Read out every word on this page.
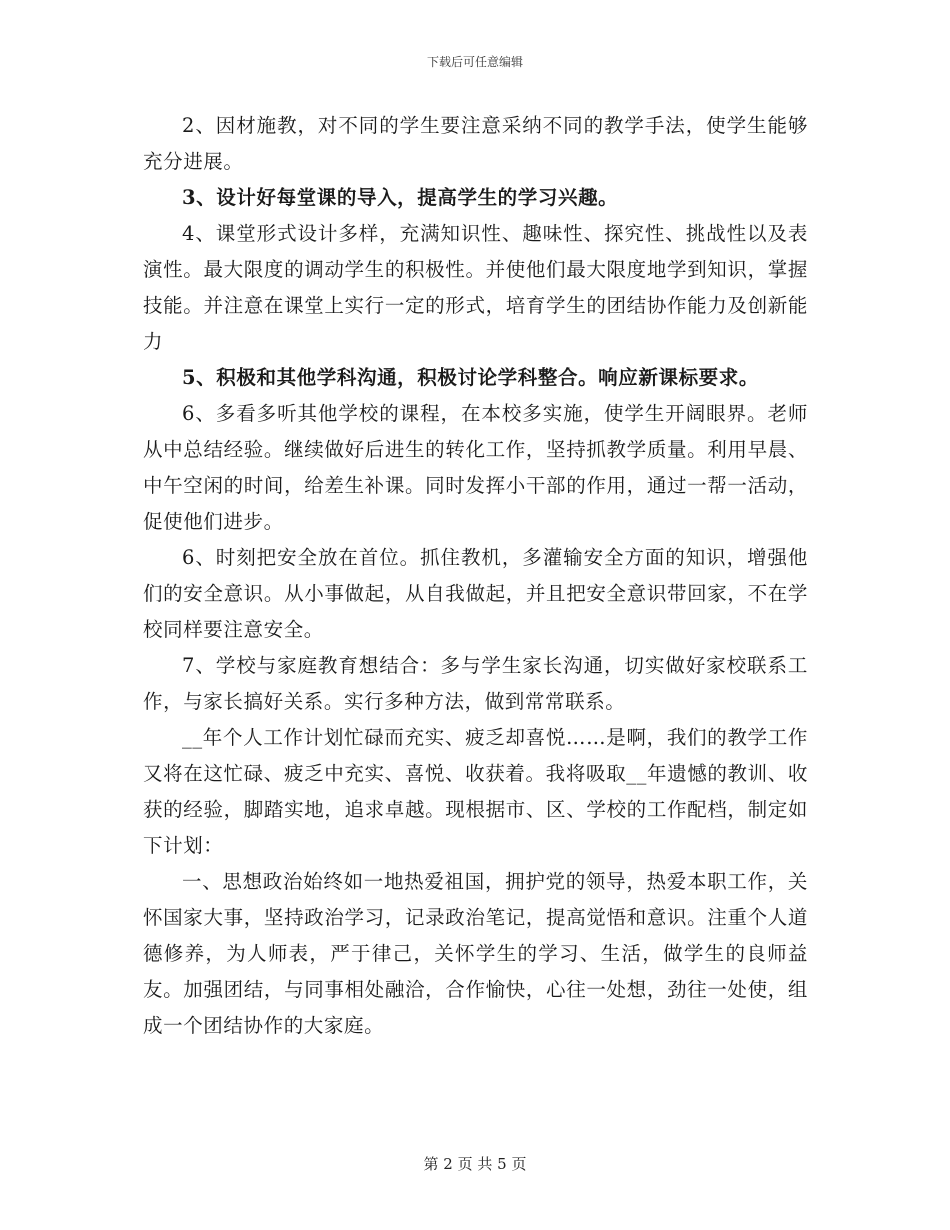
下载后可任意编辑

2、因材施教，对不同的学生要注意采纳不同的教学手法，使学生能够充分进展。

3、设计好每堂课的导入，提高学生的学习兴趣。

4、课堂形式设计多样，充满知识性、趣味性、探究性、挑战性以及表演性。最大限度的调动学生的积极性。并使他们最大限度地学到知识，掌握技能。并注意在课堂上实行一定的形式，培育学生的团结协作能力及创新能力

5、积极和其他学科沟通，积极讨论学科整合。响应新课标要求。

6、多看多听其他学校的课程，在本校多实施，使学生开阔眼界。老师从中总结经验。继续做好后进生的转化工作，坚持抓教学质量。利用早晨、中午空闲的时间，给差生补课。同时发挥小干部的作用，通过一帮一活动，促使他们进步。

6、时刻把安全放在首位。抓住教机，多灌输安全方面的知识，增强他们的安全意识。从小事做起，从自我做起，并且把安全意识带回家，不在学校同样要注意安全。

7、学校与家庭教育想结合：多与学生家长沟通，切实做好家校联系工作，与家长搞好关系。实行多种方法，做到常常联系。

__年个人工作计划忙碌而充实、疲乏却喜悦……是啊，我们的教学工作又将在这忙碌、疲乏中充实、喜悦、收获着。我将吸取__年遗憾的教训、收获的经验，脚踏实地，追求卓越。现根据市、区、学校的工作配档，制定如下计划：

一、思想政治始终如一地热爱祖国，拥护党的领导，热爱本职工作，关怀国家大事，坚持政治学习，记录政治笔记，提高觉悟和意识。注重个人道德修养，为人师表，严于律己，关怀学生的学习、生活，做学生的良师益友。加强团结，与同事相处融洽，合作愉快，心往一处想，劲往一处使，组成一个团结协作的大家庭。

第 2 页 共 5 页
